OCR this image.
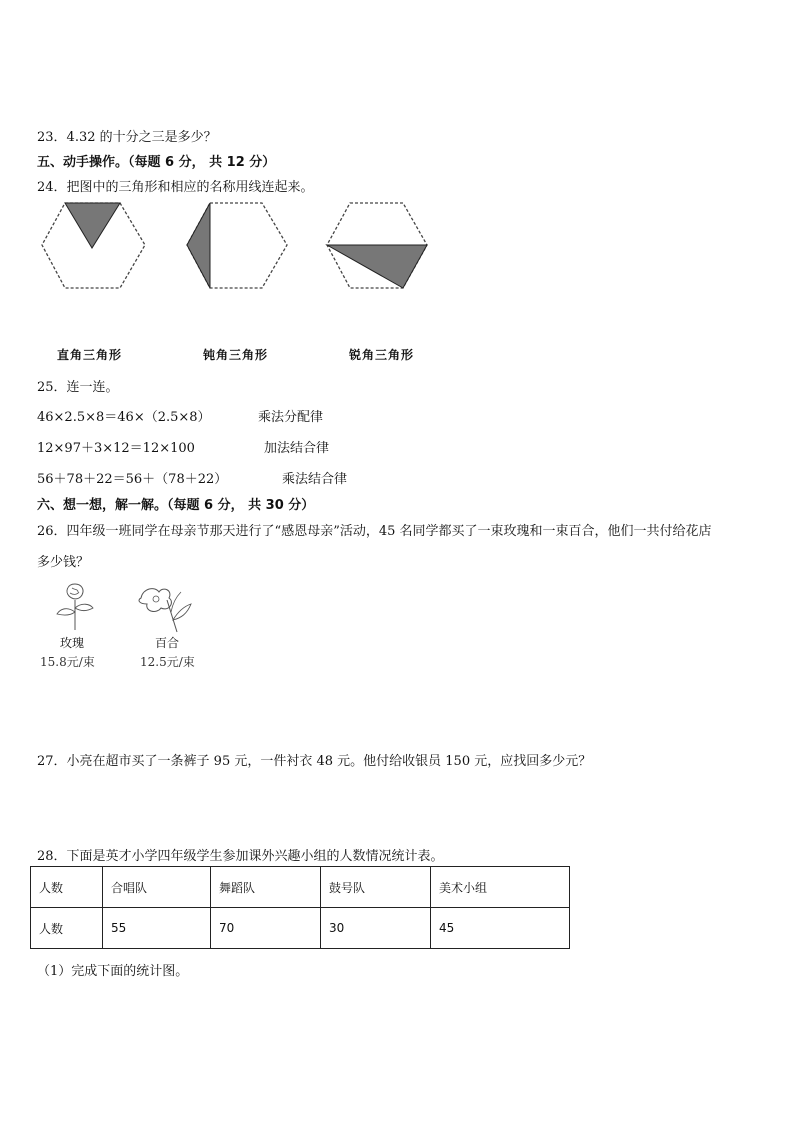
23．4.32 的十分之三是多少？
五、动手操作。（每题 6 分， 共 12 分）
24．把图中的三角形和相应的名称用线连起来。
直角三角形	钝角三角形	锐角三角形
25．连一连。
46×2.5×8＝46×（2.5×8）	乘法分配律
12×97＋3×12＝12×100	加法结合律
56＋78＋22＝56＋（78＋22）	乘法结合律
六、想一想，解一解。（每题 6 分， 共 30 分）
26．四年级一班同学在母亲节那天进行了“感恩母亲”活动，45 名同学都买了一束玫瑰和一束百合，他们一共付给花店
多少钱？
玫瑰
15.8元/束
百合
12.5元/束
27．小亮在超市买了一条裤子 95 元，一件衬衣 48 元。他付给收银员 150 元，应找回多少元？
28．下面是英才小学四年级学生参加课外兴趣小组的人数情况统计表。
人数	合唱队	舞蹈队	鼓号队	美术小组
人数	55	70	30	45
（1）完成下面的统计图。
